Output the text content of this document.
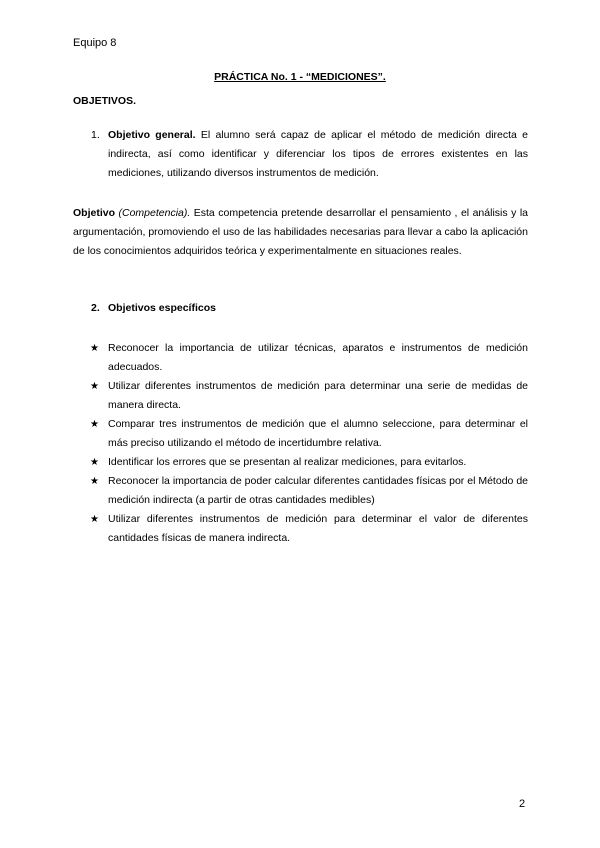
Equipo 8
PRÁCTICA No. 1 - “MEDICIONES”.
OBJETIVOS.
1. Objetivo general. El alumno será capaz de aplicar el método de medición directa e indirecta, así como identificar y diferenciar los tipos de errores existentes en las mediciones, utilizando diversos instrumentos de medición.
Objetivo (Competencia). Esta competencia pretende desarrollar el pensamiento , el análisis y la argumentación, promoviendo el uso de las habilidades necesarias para llevar a cabo la aplicación de los conocimientos adquiridos teórica y experimentalmente en situaciones reales.
2. Objetivos específicos
★ Reconocer la importancia de utilizar técnicas, aparatos e instrumentos de medición adecuados.
★ Utilizar diferentes instrumentos de medición para determinar una serie de medidas de manera directa.
★ Comparar tres instrumentos de medición que el alumno seleccione, para determinar el más preciso utilizando el método de incertidumbre relativa.
★ Identificar los errores que se presentan al realizar mediciones, para evitarlos.
★ Reconocer la importancia de poder calcular diferentes cantidades físicas por el Método de medición indirecta (a partir de otras cantidades medibles)
★ Utilizar diferentes instrumentos de medición para determinar el valor de diferentes cantidades físicas de manera indirecta.
2
